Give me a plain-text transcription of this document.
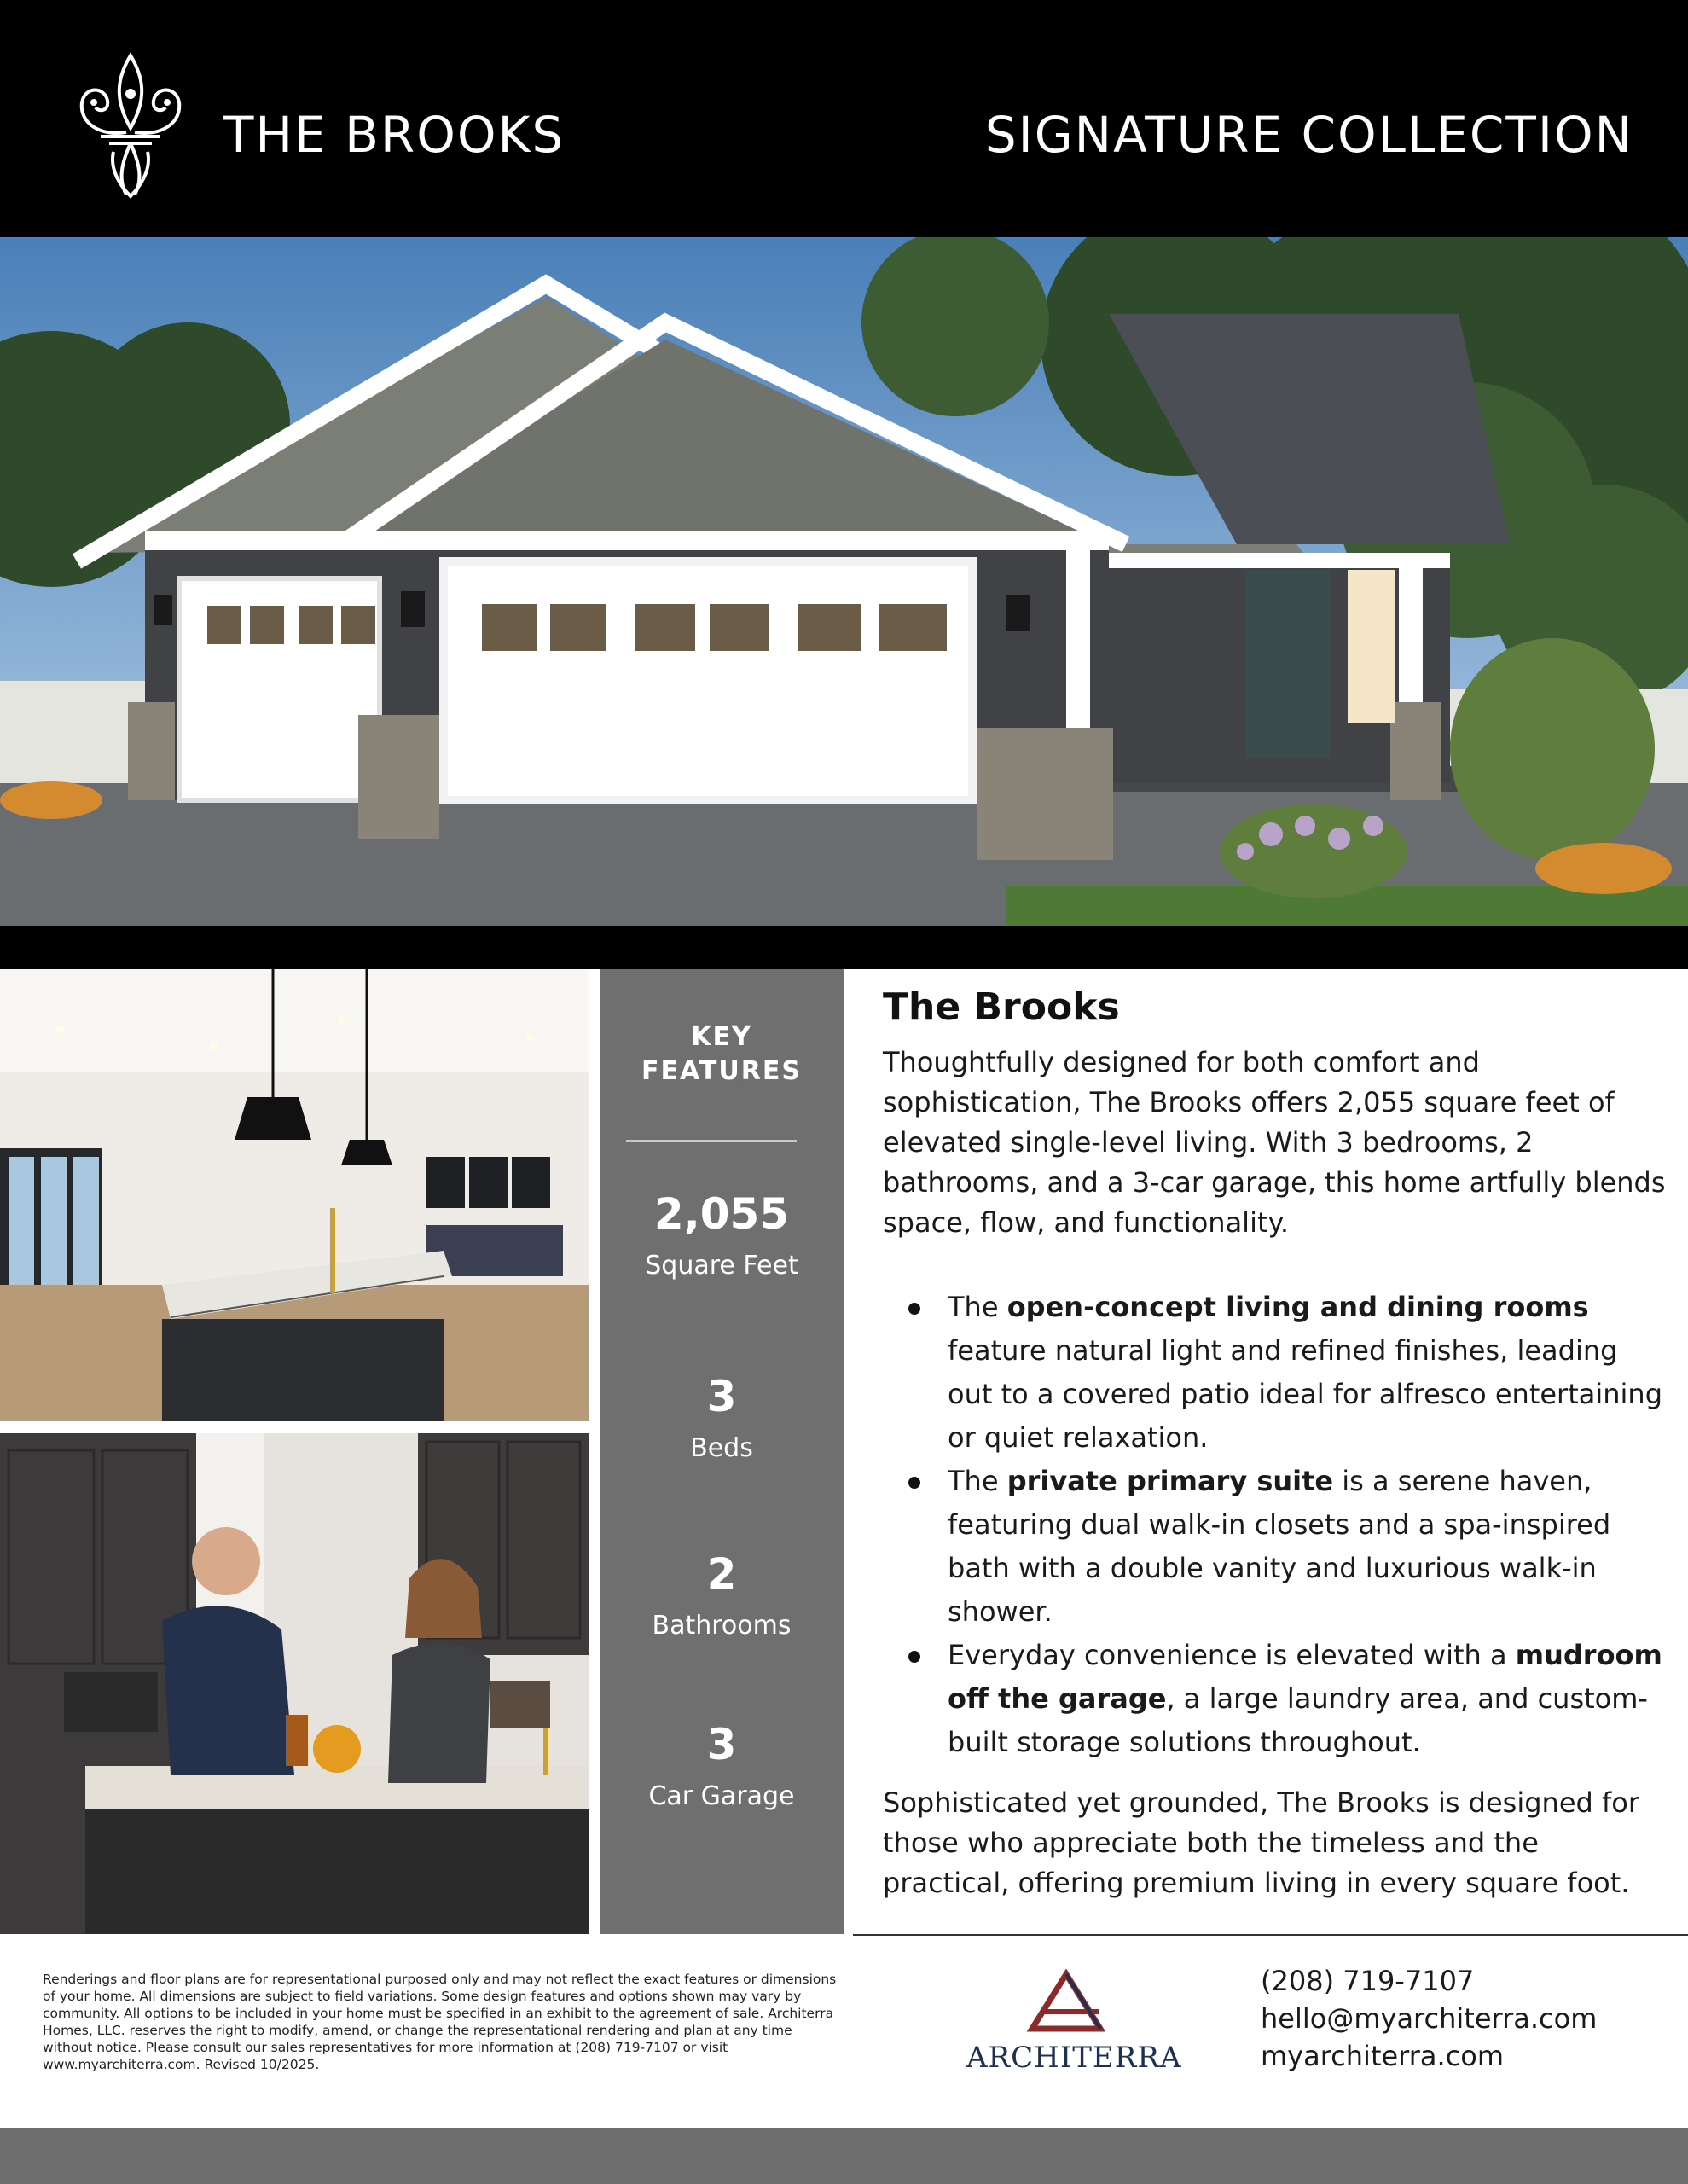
THE BROOKS	SIGNATURE COLLECTION
KEY
FEATURES
2,055
Square Feet
3
Beds
2
Bathrooms
3
Car Garage
The Brooks

Thoughtfully designed for both comfort and sophistication, The Brooks offers 2,055 square feet of elevated single-level living. With 3 bedrooms, 2 bathrooms, and a 3-car garage, this home artfully blends space, flow, and functionality.

The open-concept living and dining rooms feature natural light and refined finishes, leading out to a covered patio ideal for alfresco entertaining or quiet relaxation.
The private primary suite is a serene haven, featuring dual walk-in closets and a spa-inspired bath with a double vanity and luxurious walk-in shower.
Everyday convenience is elevated with a mudroom off the garage, a large laundry area, and custom-built storage solutions throughout.

Sophisticated yet grounded, The Brooks is designed for those who appreciate both the timeless and the practical, offering premium living in every square foot.

Renderings and floor plans are for representational purposed only and may not reflect the exact features or dimensions of your home. All dimensions are subject to field variations. Some design features and options shown may vary by community. All options to be included in your home must be specified in an exhibit to the agreement of sale. Architerra Homes, LLC. reserves the right to modify, amend, or change the representational rendering and plan at any time without notice. Please consult our sales representatives for more information at (208) 719-7107 or visit www.myarchiterra.com. Revised 10/2025.	ARCHITERRA
(208) 719-7107
hello@myarchiterra.com
myarchiterra.com
